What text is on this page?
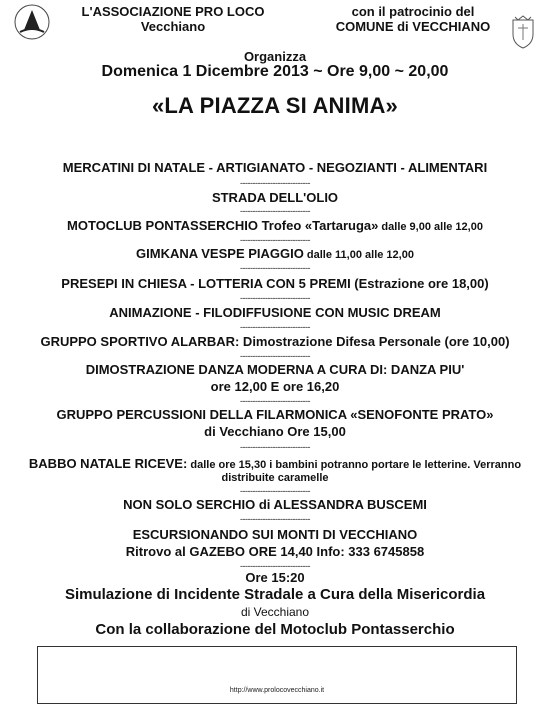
L'ASSOCIAZIONE PRO LOCO
Vecchiano
con il patrocinio del
COMUNE di VECCHIANO
Organizza
Domenica 1 Dicembre 2013 ~ Ore 9,00 ~ 20,00
«LA PIAZZA SI ANIMA»
MERCATINI DI NATALE - ARTIGIANATO - NEGOZIANTI - ALIMENTARI
----------------------------
STRADA DELL'OLIO
----------------------------
MOTOCLUB PONTASSERCHIO Trofeo «Tartaruga» dalle 9,00 alle 12,00
----------------------------
GIMKANA VESPE PIAGGIO dalle 11,00 alle 12,00
----------------------------
PRESEPI IN CHIESA - LOTTERIA CON 5 PREMI (Estrazione ore 18,00)
----------------------------
ANIMAZIONE - FILODIFFUSIONE CON MUSIC DREAM
----------------------------
GRUPPO SPORTIVO ALARBAR: Dimostrazione Difesa Personale (ore 10,00)
----------------------------
DIMOSTRAZIONE DANZA MODERNA A CURA DI: DANZA PIU'
ore 12,00 E ore 16,20
----------------------------
GRUPPO PERCUSSIONI DELLA FILARMONICA «SENOFONTE PRATO»
di Vecchiano Ore 15,00
----------------------------
BABBO NATALE RICEVE: dalle ore 15,30 i bambini potranno portare le letterine. Verranno
distribuite caramelle
----------------------------
NON SOLO SERCHIO di ALESSANDRA BUSCEMI
----------------------------
ESCURSIONANDO SUI MONTI DI VECCHIANO
Ritrovo al GAZEBO ORE 14,40 Info: 333 6745858
----------------------------
Ore 15:20
Simulazione di Incidente Stradale a Cura della Misericordia
di Vecchiano
Con la collaborazione del Motoclub Pontasserchio
http://www.prolocovecchiano.it
